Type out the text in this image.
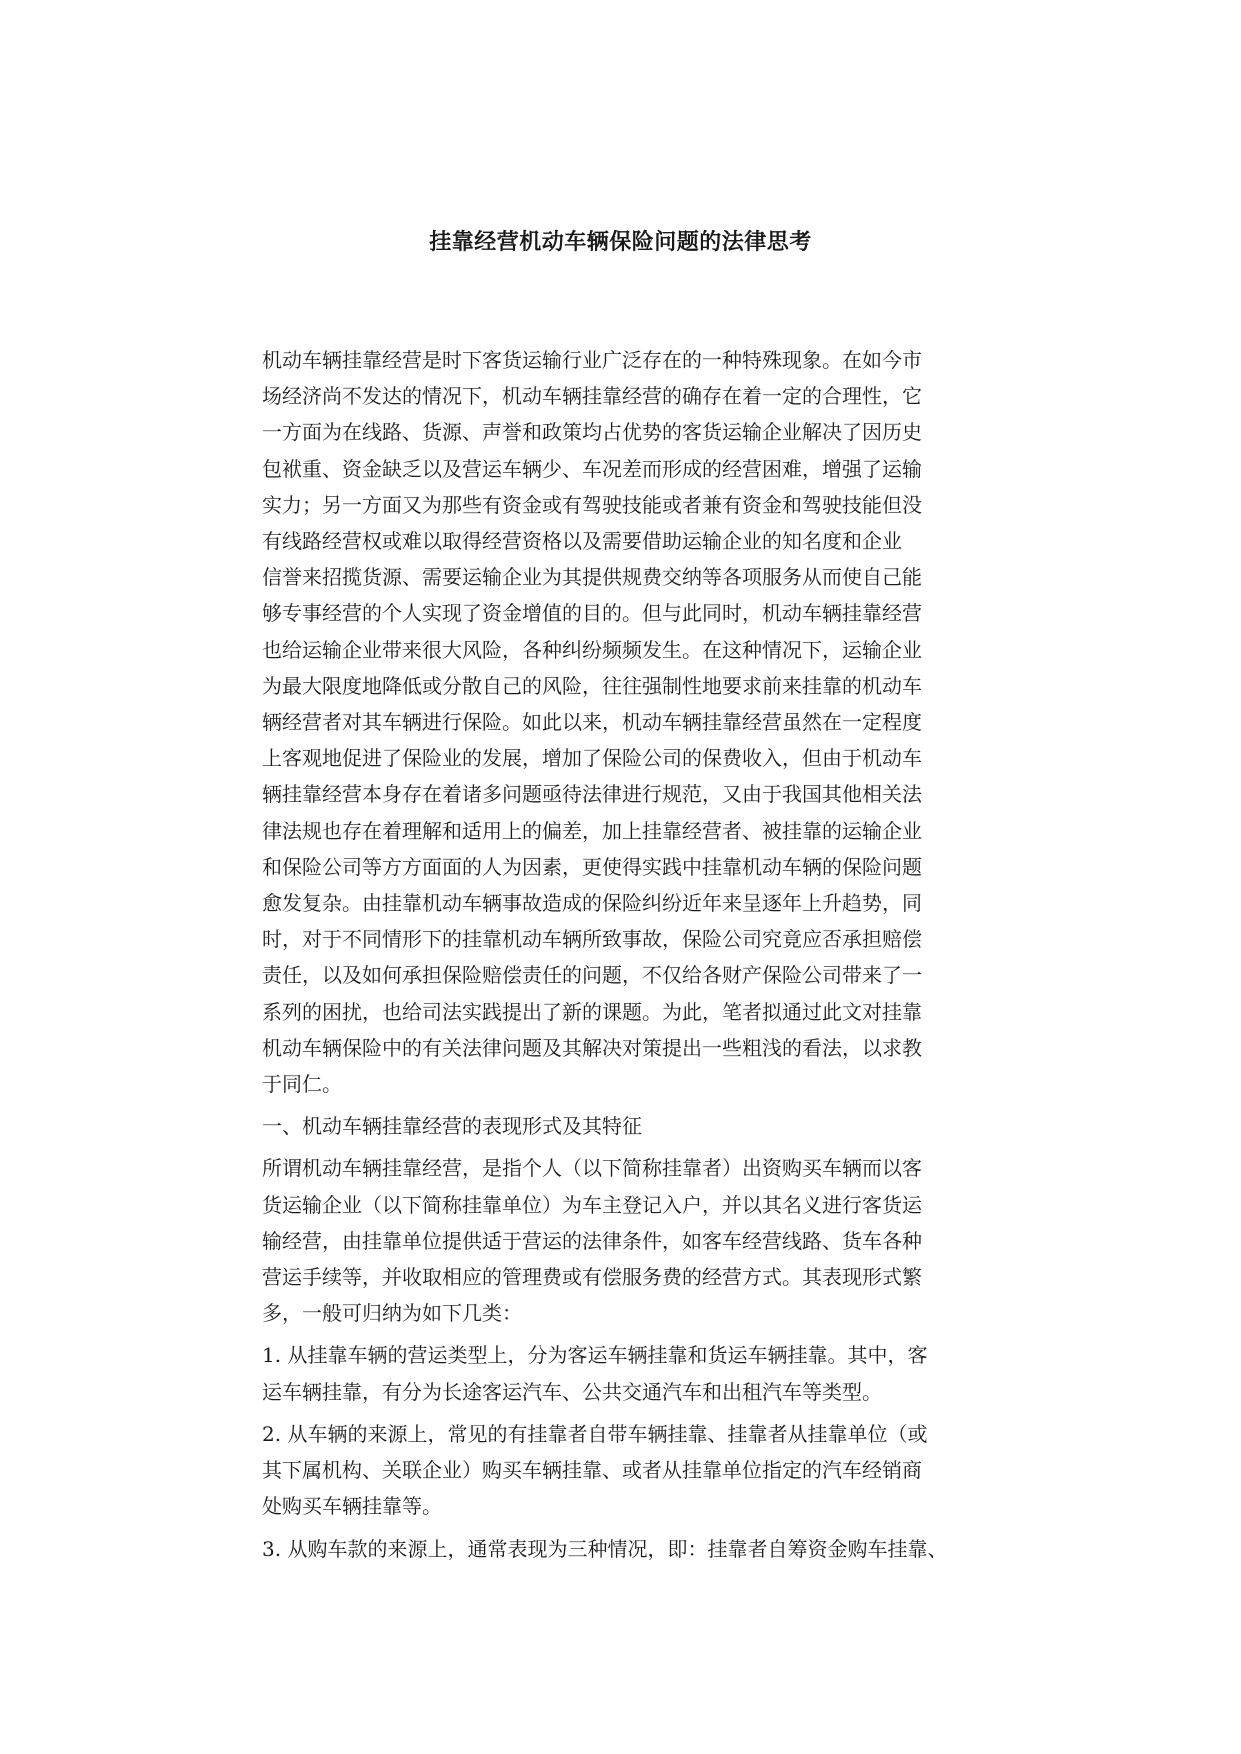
挂靠经营机动车辆保险问题的法律思考

机动车辆挂靠经营是时下客货运输行业广泛存在的一种特殊现象。在如今市
场经济尚不发达的情况下，机动车辆挂靠经营的确存在着一定的合理性，它
一方面为在线路、货源、声誉和政策均占优势的客货运输企业解决了因历史
包袱重、资金缺乏以及营运车辆少、车况差而形成的经营困难，增强了运输
实力；另一方面又为那些有资金或有驾驶技能或者兼有资金和驾驶技能但没
有线路经营权或难以取得经营资格以及需要借助运输企业的知名度和企业
信誉来招揽货源、需要运输企业为其提供规费交纳等各项服务从而使自己能
够专事经营的个人实现了资金增值的目的。但与此同时，机动车辆挂靠经营
也给运输企业带来很大风险，各种纠纷频频发生。在这种情况下，运输企业
为最大限度地降低或分散自己的风险，往往强制性地要求前来挂靠的机动车
辆经营者对其车辆进行保险。如此以来，机动车辆挂靠经营虽然在一定程度
上客观地促进了保险业的发展，增加了保险公司的保费收入，但由于机动车
辆挂靠经营本身存在着诸多问题亟待法律进行规范，又由于我国其他相关法
律法规也存在着理解和适用上的偏差，加上挂靠经营者、被挂靠的运输企业
和保险公司等方方面面的人为因素，更使得实践中挂靠机动车辆的保险问题
愈发复杂。由挂靠机动车辆事故造成的保险纠纷近年来呈逐年上升趋势，同
时，对于不同情形下的挂靠机动车辆所致事故，保险公司究竟应否承担赔偿
责任，以及如何承担保险赔偿责任的问题，不仅给各财产保险公司带来了一
系列的困扰，也给司法实践提出了新的课题。为此，笔者拟通过此文对挂靠
机动车辆保险中的有关法律问题及其解决对策提出一些粗浅的看法，以求教
于同仁。

一、机动车辆挂靠经营的表现形式及其特征

所谓机动车辆挂靠经营，是指个人（以下简称挂靠者）出资购买车辆而以客
货运输企业（以下简称挂靠单位）为车主登记入户，并以其名义进行客货运
输经营，由挂靠单位提供适于营运的法律条件，如客车经营线路、货车各种
营运手续等，并收取相应的管理费或有偿服务费的经营方式。其表现形式繁
多，一般可归纳为如下几类：

1. 从挂靠车辆的营运类型上，分为客运车辆挂靠和货运车辆挂靠。其中，客
运车辆挂靠，有分为长途客运汽车、公共交通汽车和出租汽车等类型。

2. 从车辆的来源上，常见的有挂靠者自带车辆挂靠、挂靠者从挂靠单位（或
其下属机构、关联企业）购买车辆挂靠、或者从挂靠单位指定的汽车经销商
处购买车辆挂靠等。

3. 从购车款的来源上，通常表现为三种情况，即：挂靠者自筹资金购车挂靠、
